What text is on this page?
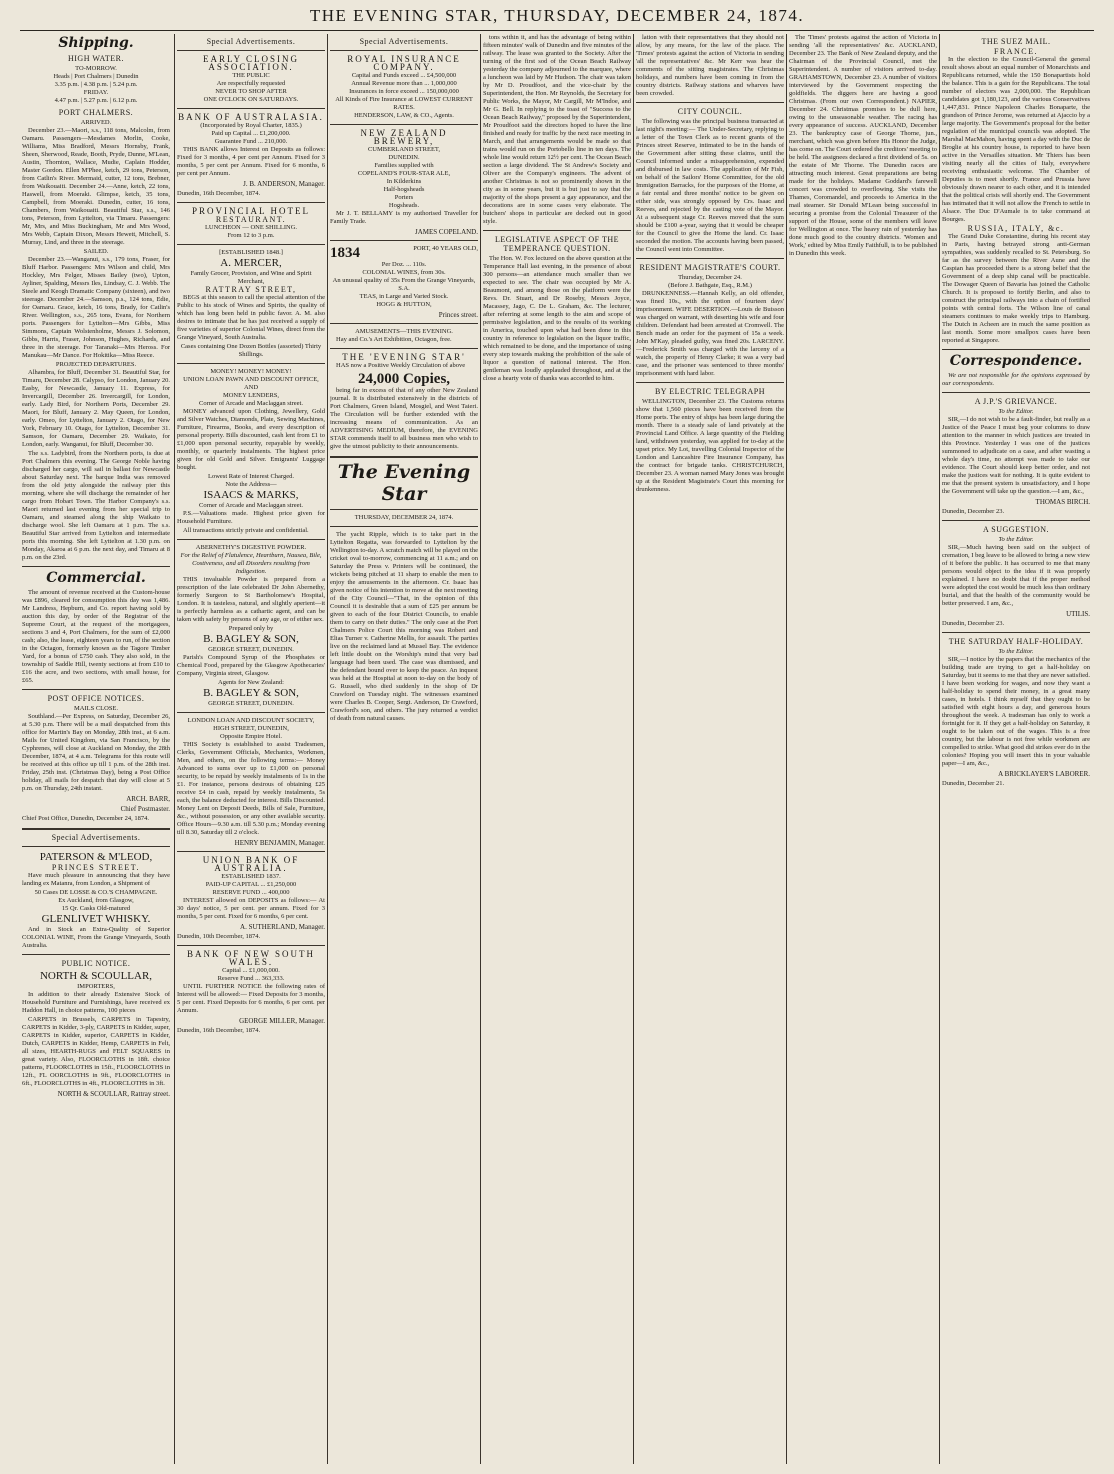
THE EVENING STAR, THURSDAY, DECEMBER 24, 1874.
Shipping.
HIGH WATER.
TO-MORROW.
Heads | Port Chalmers | Dunedin
3.35 p.m. | 4.38 p.m. | 5.24 p.m.
FRIDAY.
4.47 p.m. | 5.27 p.m. | 6.12 p.m.
PORT CHALMERS.
ARRIVED.

December 23.—Maori, s.s., 118 tons, Malcolm, from Oamaru. Passengers—Mesdames Morlin, Cooke, Williams, Miss Bradford, Messrs Hornsby, Frank, Sheen, Sherwood, Reade, Booth, Pryde, Dunne, M'Lean, Austin, Thornton, Wallace, Mudie, Caplain Hodder, Master Gordon. Ellen M'Phee, ketch, 29 tons, Peterson, from Catlin's River. Mermaid, cutter, 12 tons, Brebner, from Waikouaiti. December 24.—Anne, ketch, 22 tons, Haswell, from Moeraki. Glimpse, ketch, 35 tons, Campbell, from Moeraki. Dunedin, cutter, 16 tons, Chambers, from Waikouaiti. Beautiful Star, s.s., 146 tons, Peterson, from Lyttelton, via Timaru. Passengers: Mr, Mrs, and Miss Buckingham, Mr and Mrs Wood, Mrs Webb, Captain Dixon, Messrs Hewett, Mitchell, S. Murray, Lind, and three in the steerage.

SAILED.

December 23.—Wanganui, s.s., 179 tons, Fraser, for Bluff Harbor. Passengers: Mrs Wilson and child, Mrs Hockley, Mrs Felger, Misses Bailey (two), Upton, Ayliner, Spalding, Messrs Iles, Lindsay, C. J. Webb. The Steele and Keogh Dramatic Company (sixteen), and two steerage. December 24.—Samson, p.s., 124 tons, Edie, for Oamaru. Grace, ketch, 16 tons, Brady, for Catlin's River. Wellington, s.s., 265 tons, Evans, for Northern ports. Passengers for Lyttelton—Mrs Gibbs, Miss Simmons, Captain Wolstenholme, Messrs J. Solomon, Gibbs, Harris, Fraser, Johnson, Hughes, Richards, and three in the steerage. For Taranaki—Mrs Heross. For Manukau—Mr Dance. For Hokitika—Miss Reece.

PROJECTED DEPARTURES.

Alhambra, for Bluff, December 31. Beautiful Star, for Timaru, December 28. Calypso, for London, January 20. Easby, for Newcastle, January 11. Express, for Invercargill, December 26. Invercargill, for London, early. Lady Bird, for Northern Ports, December 29. Maori, for Bluff, January 2. May Queen, for London, early. Omeo, for Lyttelton, January 2. Otago, for New York, February 10. Otago, for Lyttelton, December 31. Samson, for Oamaru, December 29. Waikato, for London, early. Wanganui, for Bluff, December 30.

The s.s. Ladybird, from the Northern ports, is due at Port Chalmers this evening. The George Noble having discharged her cargo, will sail in ballast for Newcastle about Saturday next. The barque India was removed from the old jetty alongside the railway pier this morning, where she will discharge the remainder of her cargo from Hobart Town. The Harbor Company's s.s. Maori returned last evening from her special trip to Oamaru, and steamed along the ship Waikato to discharge wool. She left Oamaru at 1 p.m. The s.s. Beautiful Star arrived from Lyttelton and intermediate ports this morning. She left Lyttelton at 1.30 p.m. on Monday, Akaroa at 6 p.m. the next day, and Timaru at 8 p.m. on the 23rd.

Commercial.

The amount of revenue received at the Custom-house was £896, cleared for consumption this day was 1,486. Mr Landress, Hepburn, and Co. report having sold by auction this day, by order of the Registrar of the Supreme Court, at the request of the mortgagees, sections 3 and 4, Port Chalmers, for the sum of £2,000 cash; also, the lease, eighteen years to run, of the section in the Octagon, formerly known as the Tagore Timber Yard, for a bonus of £750 cash. They also sold, in the township of Saddle Hill, twenty sections at from £10 to £16 the acre, and two sections, with small house, for £65.

POST OFFICE NOTICES.
MAILS CLOSE.

Southland.—Per Express, on Saturday, December 26, at 5.30 p.m. There will be a mail despatched from this office for Martin's Bay on Monday, 28th inst., at 6 a.m. Mails for United Kingdom, via San Francisco, by the Cyphrenes, will close at Auckland on Monday, the 28th December, 1874, at 4 a.m. Telegrams for this route will be received at this office up till 1 p.m. of the 28th inst. Friday, 25th inst. (Christmas Day), being a Post Office holiday, all mails for despatch that day will close at 5 p.m. on Thursday, 24th instant.

ARCH. BARR,
Chief Postmaster.

Chief Post Office, Dunedin, December 24, 1874.

Special Advertisements.
PATERSON & M'LEOD,
PRINCES STREET.

Have much pleasure in announcing that they have landing ex Matanra, from London, a Shipment of

50 Cases DE LOSSE & CO.'S CHAMPAGNE.
Ex Auckland, from Glasgow,
15 Qr. Casks Old-matured
GLENLIVET WHISKY.

And in Stock an Extra-Quality of Superior COLONIAL WINE, From the Grange Vineyards, South Australia.

PUBLIC NOTICE.
NORTH & SCOULLAR,
IMPORTERS,

In addition to their already Extensive Stock of Household Furniture and Furnishings, have received ex Haddon Hall, in choice patterns, 100 pieces

CARPETS in Brussels, CARPETS in Tapestry, CARPETS in Kidder, 3-ply, CARPETS in Kidder, super, CARPETS in Kidder, superior, CARPETS in Kidder, Dutch, CARPETS in Kidder, Hemp, CARPETS in Felt, all sizes, HEARTH-RUGS and FELT SQUARES in great variety. Also, FLOORCLOTHS in 18ft. choice patterns, FLOORCLOTHS in 15ft., FLOORCLOTHS in 12ft., FL OORCLOTHS in 9ft., FLOORCLOTHS in 6ft., FLOORCLOTHS in 4ft., FLOORCLOTHS in 3ft.

NORTH & SCOULLAR, Rattray street.
Special Advertisements.
EARLY CLOSING ASSOCIATION.
THE PUBLIC
Are respectfully requested
NEVER TO SHOP AFTER
ONE O'CLOCK ON SATURDAYS.
BANK OF AUSTRALASIA.
(Incorporated by Royal Charter, 1835.)
Paid up Capital ... £1,200,000.
Guarantee Fund ... 210,000.

THIS BANK allows Interest on Deposits as follows: Fixed for 3 months, 4 per cent per Annum. Fixed for 3 months, 5 per cent per Annum. Fixed for 6 months, 6 per cent per Annum.

J. B. ANDERSON, Manager.

Dunedin, 16th December, 1874.

PROVINCIAL HOTEL
RESTAURANT.
LUNCHEON — ONE SHILLING.
From 12 to 3 p.m.
[ESTABLISHED 1848.]
A. MERCER,
Family Grocer, Provision, and Wine and Spirit Merchant,
RATTRAY STREET,

BEGS at this season to call the special attention of the Public to his stock of Wines and Spirits, the quality of which has long been held in public favor. A. M. also desires to intimate that he has just received a supply of five varieties of superior Colonial Wines, direct from the Grange Vineyard, South Australia.

Cases containing One Dozen Bottles (assorted) Thirty Shillings.
MONEY! MONEY! MONEY!
UNION LOAN PAWN AND DISCOUNT OFFICE,
AND
MONEY LENDERS,
Corner of Arcade and Maclaggan street.

MONEY advanced upon Clothing, Jewellery, Gold and Silver Watches, Diamonds, Plate, Sewing Machines, Furniture, Firearms, Books, and every description of personal property. Bills discounted, cash lent from £1 to £1,000 upon personal security, repayable by weekly, monthly, or quarterly instalments. The highest price given for old Gold and Silver. Emigrants' Luggage bought.

Lowest Rate of Interest Charged.
Note the Address—
ISAACS & MARKS,
Corner of Arcade and Maclaggan street.

P.S.—Valuations made. Highest price given for Household Furniture.

All transactions strictly private and confidential.

ABERNETHY'S DIGESTIVE POWDER.
For the Relief of Flatulence, Heartburn, Nausea, Bile, Costiveness, and all Disorders resulting from Indigestion.

THIS invaluable Powder is prepared from a prescription of the late celebrated Dr John Abernethy, formerly Surgeon to St Bartholomew's Hospital, London. It is tasteless, natural, and slightly aperient—it is perfectly harmless as a cathartic agent, and can be taken with safety by persons of any age, or of either sex.

Prepared only by
B. BAGLEY & SON,
GEORGE STREET, DUNEDIN.

Parish's Compound Syrup of the Phosphates or Chemical Food, prepared by the Glasgow Apothecaries' Company, Virginia street, Glasgow.

Agents for New Zealand:
B. BAGLEY & SON,
GEORGE STREET, DUNEDIN.
LONDON LOAN AND DISCOUNT SOCIETY,
HIGH STREET, DUNEDIN,
Opposite Empire Hotel.

THIS Society is established to assist Tradesmen, Clerks, Government Officials, Mechanics, Workmen, Men, and others, on the following terms:— Money Advanced to sums over up to £1,000 on personal security, to be repaid by weekly instalments of 1s in the £1. For instance, persons desirous of obtaining £25 receive £4 in cash, repaid by weekly instalments, 5s each, the balance deducted for interest. Bills Discounted. Money Lent on Deposit Deeds, Bills of Sale, Furniture, &c., without possession, or any other available security. Office Hours—9.30 a.m. till 5.30 p.m.; Monday evening till 8.30, Saturday till 2 o'clock.

HENRY BENJAMIN, Manager.
UNION BANK OF AUSTRALIA.
ESTABLISHED 1837.
PAID-UP CAPITAL ... £1,250,000
RESERVE FUND ... 400,000

INTEREST allowed on DEPOSITS as follows:— At 30 days' notice, 5 per cent. per annum. Fixed for 3 months, 5 per cent. Fixed for 6 months, 6 per cent.

A. SUTHERLAND, Manager.

Dunedin, 10th December, 1874.

BANK OF NEW SOUTH WALES.
Capital ... £1,000,000.
Reserve Fund ... 363,333.

UNTIL FURTHER NOTICE the following rates of Interest will be allowed:— Fixed Deposits for 3 months, 5 per cent. Fixed Deposits for 6 months, 6 per cent. per Annum.

GEORGE MILLER, Manager.

Dunedin, 16th December, 1874.

Special Advertisements.
ROYAL INSURANCE COMPANY.
Capital and Funds exceed ... £4,500,000
Annual Revenue more than ... 1,000,000
Insurances in force exceed ... 150,000,000
All Kinds of Fire Insurance at LOWEST CURRENT RATES.
HENDERSON, LAW, & CO., Agents.
NEW ZEALAND BREWERY,
CUMBERLAND STREET,
DUNEDIN.
Families supplied with
COPELAND'S FOUR-STAR ALE,
In Kilderkins
Half-hogsheads
Porters
Hogsheads.

Mr J. T. BELLAMY is my authorised Traveller for Family Trade.

JAMES COPELAND.
1834	PORT, 40 YEARS OLD,
Per Doz. ... 110s.
COLONIAL WINES, from 30s.
An unusual quality of 35s From the Grange Vineyards, S.A.
TEAS, in Large and Varied Stock.
HOGG & HUTTON,
Princes street.
AMUSEMENTS—THIS EVENING.

Hay and Co.'s Art Exhibition, Octagon, free.

THE 'EVENING STAR'

HAS now a Positive Weekly Circulation of above

24,000 Copies,

being far in excess of that of any other New Zealand journal. It is distributed extensively in the districts of Port Chalmers, Green Island, Mosgiel, and West Taieri. The Circulation will be further extended with the increasing means of communication. As an ADVERTISING MEDIUM, therefore, the EVENING STAR commends itself to all business men who wish to give the utmost publicity to their announcements.

The Evening Star
THURSDAY, DECEMBER 24, 1874.

The yacht Ripple, which is to take part in the Lyttelton Regatta, was forwarded to Lyttelton by the Wellington to-day. A scratch match will be played on the cricket oval to-morrow, commencing at 11 a.m.; and on Saturday the Press v. Printers will be continued, the wickets being pitched at 11 sharp to enable the men to enjoy the amusements in the afternoon. Cr. Isaac has given notice of his intention to move at the next meeting of the City Council—"That, in the opinion of this Council it is desirable that a sum of £25 per annum be given to each of the four District Councils, to enable them to carry on their duties." The only case at the Port Chalmers Police Court this morning was Robert and Elias Turner v. Catherine Mellis, for assault. The parties live on the reclaimed land at Mussel Bay. The evidence left little doubt on the Worship's mind that very bad language had been used. The case was dismissed, and the defendant bound over to keep the peace. An inquest was held at the Hospital at noon to-day on the body of G. Russell, who died suddenly in the shop of Dr Crawford on Tuesday night. The witnesses examined were Charles B. Cooper, Sergt. Anderson, Dr Crawford, Crawford's son, and others. The jury returned a verdict of death from natural causes.

tons within it, and has the advantage of being within fifteen minutes' walk of Dunedin and five minutes of the railway. The lease was granted to the Society. After the turning of the first sod of the Ocean Beach Railway yesterday the company adjourned to the marquee, where a luncheon was laid by Mr Hudson. The chair was taken by Mr D. Proudfoot, and the vice-chair by the Superintendent, the Hon. Mr Reynolds, the Secretary for Public Works, the Mayor, Mr Cargill, Mr M'Indoe, and Mr G. Bell. In replying to the toast of "Success to the Ocean Beach Railway," proposed by the Superintendent, Mr Proudfoot said the directors hoped to have the line finished and ready for traffic by the next race meeting in March, and that arrangements would be made so that trains would run on the Portobello line in ten days. The whole line would return 12½ per cent. The Ocean Beach section a large dividend. The St Andrew's Society and Oliver are the Company's engineers. The advent of another Christmas is not so prominently shown in the city as in some years, but it is but just to say that the majority of the shops present a gay appearance, and the decorations are in some cases very elaborate. The butchers' shops in particular are decked out in good style.

LEGISLATIVE ASPECT OF THE TEMPERANCE QUESTION.

The Hon. W. Fox lectured on the above question at the Temperance Hall last evening, in the presence of about 300 persons—an attendance much smaller than we expected to see. The chair was occupied by Mr A. Beaumont, and among those on the platform were the Revs. Dr. Stuart, and Dr Roseby, Messrs Joyce, Macassey, Jago, C. De L. Graham, &c. The lecturer, after referring at some length to the aim and scope of permissive legislation, and to the results of its working in America, touched upon what had been done in this country in reference to legislation on the liquor traffic, which remained to be done, and the importance of using every step towards making the prohibition of the sale of liquor a question of national interest. The Hon. gentleman was loudly applauded throughout, and at the close a hearty vote of thanks was accorded to him.

lation with their representatives that they should not allow, by any means, for the law of the place. The 'Times' protests against the action of Victoria in sending 'all the representatives' &c. Mr Kerr was hear the comments of the sitting magistrates. The Christmas holidays, and numbers have been coming in from the country districts. Railway stations and wharves have been crowded.

CITY COUNCIL.

The following was the principal business transacted at last night's meeting:— The Under-Secretary, replying to a letter of the Town Clerk as to recent grants of the Princes street Reserve, intimated to be in the hands of the Government after sitting these claims, until the Council informed under a misapprehension, expended and disbursed in law costs. The application of Mr Fish, on behalf of the Sailors' Home Committee, for the old Immigration Barracks, for the purposes of the Home, at a fair rental and three months' notice to be given on either side, was strongly opposed by Crs. Isaac and Reeves, and rejected by the casting vote of the Mayor. At a subsequent stage Cr. Reeves moved that the sum should be £100 a-year, saying that it would be cheaper for the Council to give the Home the land. Cr. Isaac seconded the motion. The accounts having been passed, the Council went into Committee.

RESIDENT MAGISTRATE'S COURT.
Thursday, December 24.
(Before J. Bathgate, Esq., R.M.)

DRUNKENNESS.—Hannah Kelly, an old offender, was fined 10s., with the option of fourteen days' imprisonment. WIFE DESERTION.—Louis de Buisson was charged on warrant, with deserting his wife and four children. Defendant had been arrested at Cromwell. The Bench made an order for the payment of 15s a week. John M'Kay, pleaded guilty, was fined 20s. LARCENY.—Frederick Smith was charged with the larceny of a watch, the property of Henry Clarke; it was a very bad case, and the prisoner was sentenced to three months' imprisonment with hard labor.

BY ELECTRIC TELEGRAPH

WELLINGTON, December 23. The Customs returns show that 1,560 pieces have been received from the Home ports. The entry of ships has been large during the month. There is a steady sale of land privately at the Provincial Land Office. A large quantity of the Fielding land, withdrawn yesterday, was applied for to-day at the upset price. My Lot, travelling Colonial Inspector of the London and Lancashire Fire Insurance Company, has the contract for brigade tanks. CHRISTCHURCH, December 23. A woman named Mary Jones was brought up at the Resident Magistrate's Court this morning for drunkenness.

The 'Times' protests against the action of Victoria in sending 'all the representatives' &c. AUCKLAND, December 23. The Bank of New Zealand deputy, and the Chairman of the Provincial Council, met the Superintendent. A number of visitors arrived to-day. GRAHAMSTOWN, December 23. A number of visitors interviewed by the Government respecting the goldfields. The diggers here are having a good Christmas. (From our own Correspondent.) NAPIER, December 24. Christmas promises to be dull here, owing to the unseasonable weather. The racing has every appearance of success. AUCKLAND, December 23. The bankruptcy case of George Thorne, jun., merchant, which was given before His Honor the Judge, has come on. The Court ordered the creditors' meeting to be held. The assignees declared a first dividend of 5s. on the estate of Mr Thorne. The Dunedin races are attracting much interest. Great preparations are being made for the holidays. Madame Goddard's farewell concert was crowded to overflowing. She visits the Thames, Coromandel, and proceeds to America in the mail steamer. Sir Donald M'Lean being successful in securing a promise from the Colonial Treasurer of the support of the House, some of the members will leave for Wellington at once. The heavy rain of yesterday has done much good to the country districts. 'Women and Work,' edited by Miss Emily Faithfull, is to be published in Dunedin this week.

THE SUEZ MAIL.
FRANCE.

In the election to the Council-General the general result shows about an equal number of Monarchists and Republicans returned, while the 150 Bonapartists hold the balance. This is a gain for the Republicans. The total number of electors was 2,000,000. The Republican candidates got 1,180,123, and the various Conservatives 1,447,831. Prince Napoleon Charles Bonaparte, the grandson of Prince Jerome, was returned at Ajaccio by a large majority. The Government's proposal for the better regulation of the municipal councils was adopted. The Marshal MacMahon, having spent a day with the Duc de Broglie at his country house, is reported to have been active in the Versailles situation. Mr Thiers has been visiting nearly all the cities of Italy, everywhere receiving enthusiastic welcome. The Chamber of Deputies is to meet shortly. France and Prussia have obviously drawn nearer to each other, and it is intended that the political crisis will shortly end. The Government has intimated that it will not allow the French to settle in Alsace. The Duc D'Aumale is to take command at Bourges.

RUSSIA, ITALY, &c.

The Grand Duke Constantine, during his recent stay in Paris, having betrayed strong anti-German sympathies, was suddenly recalled to St. Petersburg. So far as the survey between the River Aune and the Caspian has proceeded there is a strong belief that the Government of a deep ship canal will be practicable. The Dowager Queen of Bavaria has joined the Catholic Church. It is proposed to fortify Berlin, and also to construct the principal railways into a chain of fortified points with central forts. The Wilson line of canal steamers continues to make weekly trips to Hamburg. The Dutch in Acheen are in much the same position as last month. Some more smallpox cases have been reported at Singapore.

Correspondence.

We are not responsible for the opinions expressed by our correspondents.

A J.P.'S GRIEVANCE.
To the Editor.

SIR,—I do not wish to be a fault-finder, but really as a Justice of the Peace I must beg your columns to draw attention to the manner in which justices are treated in this Province. Yesterday I was one of the justices summoned to adjudicate on a case, and after wasting a whole day's time, no attempt was made to take our evidence. The Court should keep better order, and not make the justices wait for nothing. It is quite evident to me that the present system is unsatisfactory, and I hope the Government will take up the question.—I am, &c.,

THOMAS BIRCH.

Dunedin, December 23.

A SUGGESTION.
To the Editor.

SIR,—Much having been said on the subject of cremation, I beg leave to be allowed to bring a new view of it before the public. It has occurred to me that many persons would object to the idea if it was properly explained. I have no doubt that if the proper method were adopted the cost would be much less than ordinary burial, and that the health of the community would be better preserved. I am, &c.,

UTILIS.

Dunedin, December 23.

THE SATURDAY HALF-HOLIDAY.
To the Editor.

SIR,—I notice by the papers that the mechanics of the building trade are trying to get a half-holiday on Saturday, but it seems to me that they are never satisfied. I have been working for wages, and now they want a half-holiday to spend their money, in a great many cases, in hotels. I think myself that they ought to be satisfied with eight hours a day, and generous hours throughout the week. A tradesman has only to work a fortnight for it. If they get a half-holiday on Saturday, it ought to be taken out of the wages. This is a free country, but the labour is not free while workmen are compelled to strike. What good did strikes ever do in the colonies? Hoping you will insert this in your valuable paper—I am, &c.,

A BRICKLAYER'S LABORER.

Dunedin, December 21.
